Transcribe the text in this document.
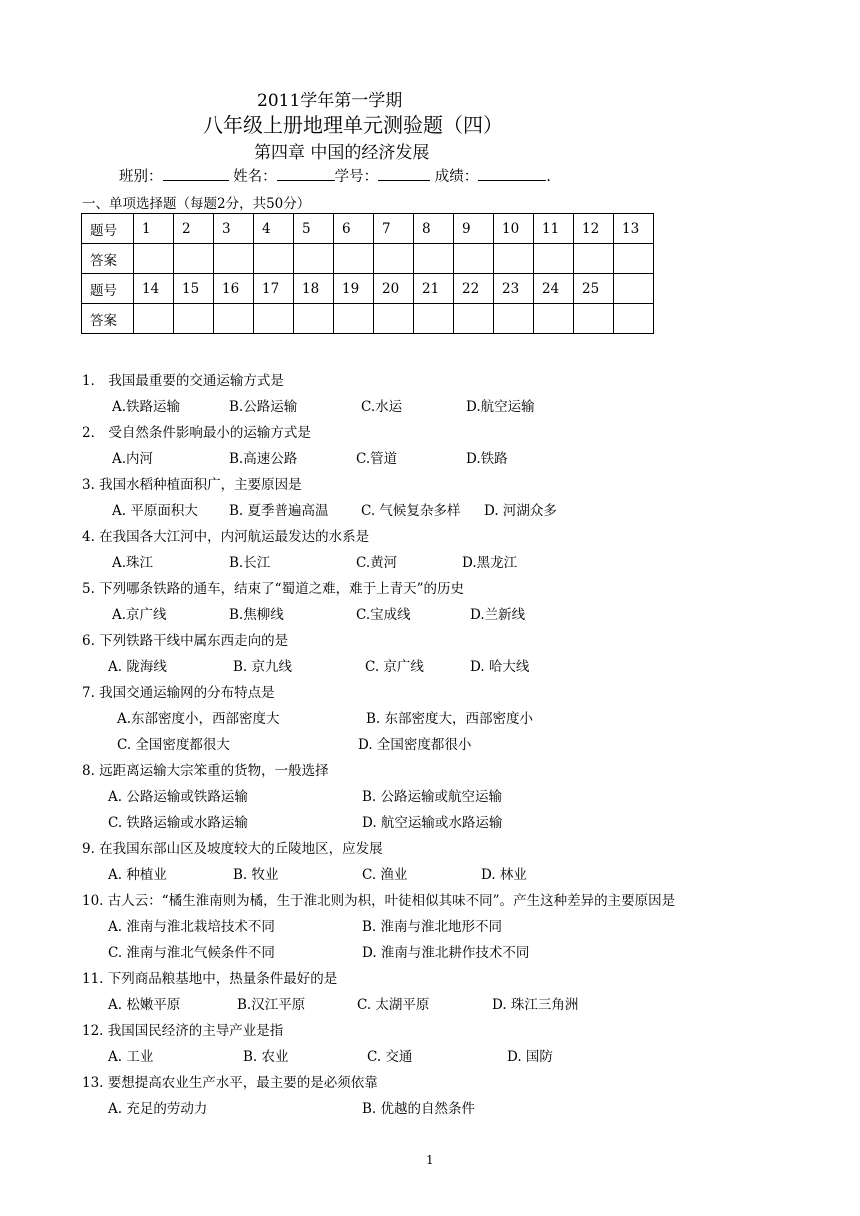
2011学年第一学期
八年级上册地理单元测验题（四）
第四章 中国的经济发展
班别：	姓名：	学号：	成绩：	.
一、单项选择题（每题2分，共50分）
题号	1	2	3	4	5	6	7	8	9	10	11	12	13
答案													
题号	14	15	16	17	18	19	20	21	22	23	24	25	
答案													
1． 我国最重要的交通运输方式是
A.铁路运输	B.公路运输	C.水运	D.航空运输
2． 受自然条件影响最小的运输方式是
A.内河	B.高速公路	C.管道	D.铁路
3. 我国水稻种植面积广，主要原因是
A. 平原面积大 B. 夏季普遍高温 C. 气候复杂多样 D. 河湖众多
4. 在我国各大江河中，内河航运最发达的水系是
A.珠江	B.长江	C.黄河	D.黑龙江
5. 下列哪条铁路的通车，结束了“蜀道之难，难于上青天”的历史
A.京广线	B.焦柳线	C.宝成线	D.兰新线
6. 下列铁路干线中属东西走向的是
A. 陇海线	B. 京九线	C. 京广线	D. 哈大线
7. 我国交通运输网的分布特点是
A.东部密度小，西部密度大	B. 东部密度大，西部密度小
C. 全国密度都很大	D. 全国密度都很小
8. 远距离运输大宗笨重的货物，一般选择
A. 公路运输或铁路运输	B. 公路运输或航空运输
C. 铁路运输或水路运输	D. 航空运输或水路运输
9. 在我国东部山区及坡度较大的丘陵地区，应发展
A. 种植业	B. 牧业	C. 渔业	D. 林业
10. 古人云：“橘生淮南则为橘，生于淮北则为枳，叶徒相似其味不同”。产生这种差异的主要原因是
A. 淮南与淮北栽培技术不同	B. 淮南与淮北地形不同
C. 淮南与淮北气候条件不同	D. 淮南与淮北耕作技术不同
11. 下列商品粮基地中，热量条件最好的是
A. 松嫩平原	B.汉江平原	C. 太湖平原	D. 珠江三角洲
12. 我国国民经济的主导产业是指
A. 工业	B. 农业	C. 交通	D. 国防
13. 要想提高农业生产水平，最主要的是必须依靠
A. 充足的劳动力	B. 优越的自然条件
1
